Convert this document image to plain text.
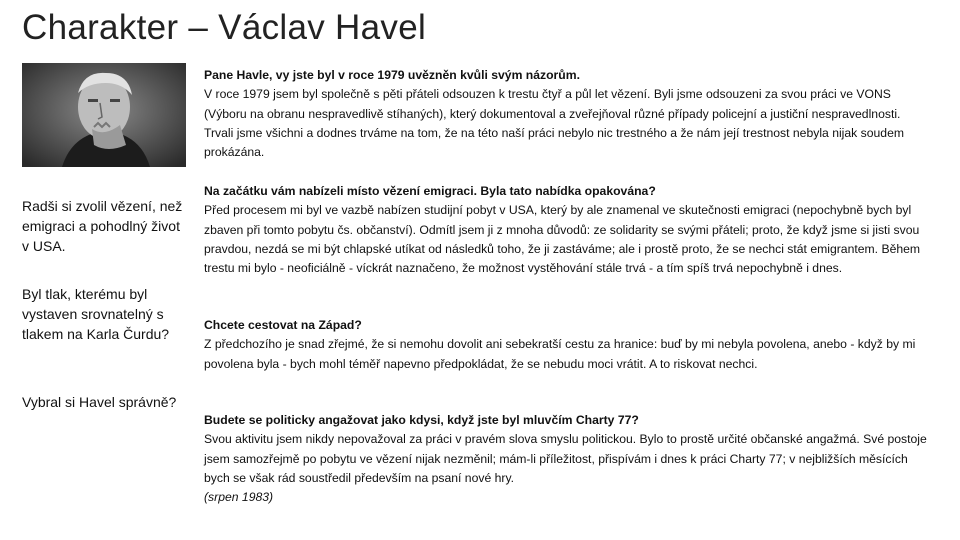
Charakter – Václav Havel
Radši si zvolil vězení, než emigraci a pohodlný život v USA.
Byl tlak, kterému byl vystaven srovnatelný s tlakem na Karla Čurdu?
Vybral si Havel správně?
Pane Havle, vy jste byl v roce 1979 uvězněn kvůli svým názorům.
V roce 1979 jsem byl společně s pěti přáteli odsouzen k trestu čtyř a půl let vězení. Byli jsme odsouzeni za svou práci ve VONS (Výboru na obranu nespravedlivě stíhaných), který dokumentoval a zveřejňoval různé případy policejní a justiční nespravedlnosti. Trvali jsme všichni a dodnes trváme na tom, že na této naší práci nebylo nic trestného a že nám její trestnost nebyla nijak soudem prokázána.
Na začátku vám nabízeli místo vězení emigraci. Byla tato nabídka opakována?
Před procesem mi byl ve vazbě nabízen studijní pobyt v USA, který by ale znamenal ve skutečnosti emigraci (nepochybně bych byl zbaven při tomto pobytu čs. občanství). Odmítl jsem ji z mnoha důvodů: ze solidarity se svými přáteli; proto, že když jsme si jisti svou pravdou, nezdá se mi být chlapské utíkat od následků toho, že ji zastáváme; ale i prostě proto, že se nechci stát emigrantem. Během trestu mi bylo - neoficiálně - víckrát naznačeno, že možnost vystěhování stále trvá - a tím spíš trvá nepochybně i dnes.
Chcete cestovat na Západ?
Z předchozího je snad zřejmé, že si nemohu dovolit ani sebekratší cestu za hranice: buď by mi nebyla povolena, anebo - když by mi povolena byla - bych mohl téměř napevno předpokládat, že se nebudu moci vrátit. A to riskovat nechci.
Budete se politicky angažovat jako kdysi, když jste byl mluvčím Charty 77?
Svou aktivitu jsem nikdy nepovažoval za práci v pravém slova smyslu politickou. Bylo to prostě určité občanské angažmá. Své postoje jsem samozřejmě po pobytu ve vězení nijak nezměnil; mám-li příležitost, přispívám i dnes k práci Charty 77; v nejbližších měsících bych se však rád soustředil především na psaní nové hry.
(srpen 1983)
